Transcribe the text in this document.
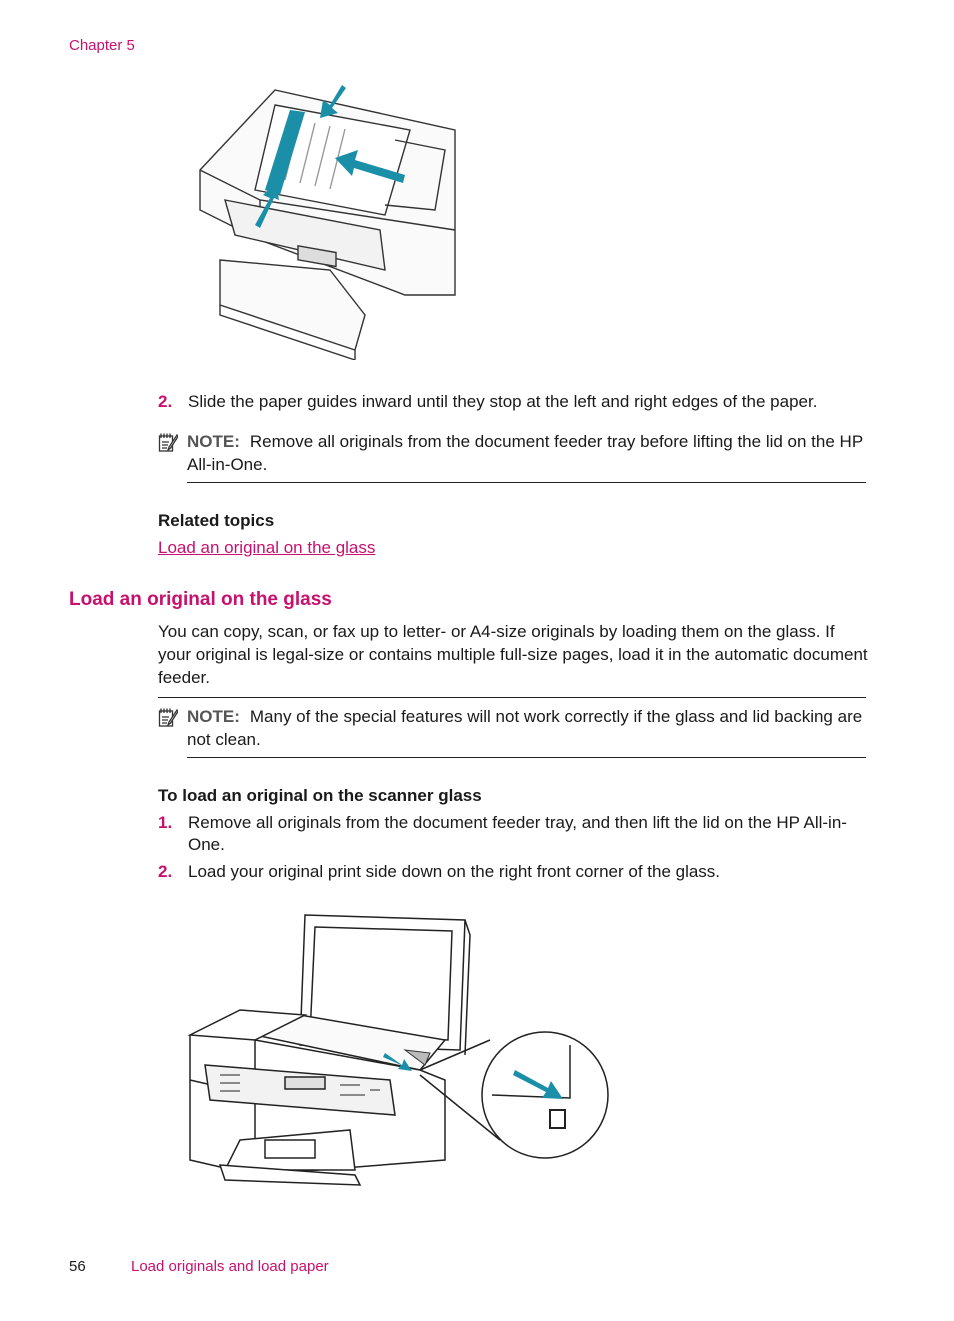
Chapter 5
2. Slide the paper guides inward until they stop at the left and right edges of the paper.
NOTE: Remove all originals from the document feeder tray before lifting the lid on the HP All-in-One.
Related topics
Load an original on the glass
Load an original on the glass
You can copy, scan, or fax up to letter- or A4-size originals by loading them on the glass. If your original is legal-size or contains multiple full-size pages, load it in the automatic document feeder.
NOTE: Many of the special features will not work correctly if the glass and lid backing are not clean.
To load an original on the scanner glass
1. Remove all originals from the document feeder tray, and then lift the lid on the HP All-in-One.
2. Load your original print side down on the right front corner of the glass.
56	Load originals and load paper
